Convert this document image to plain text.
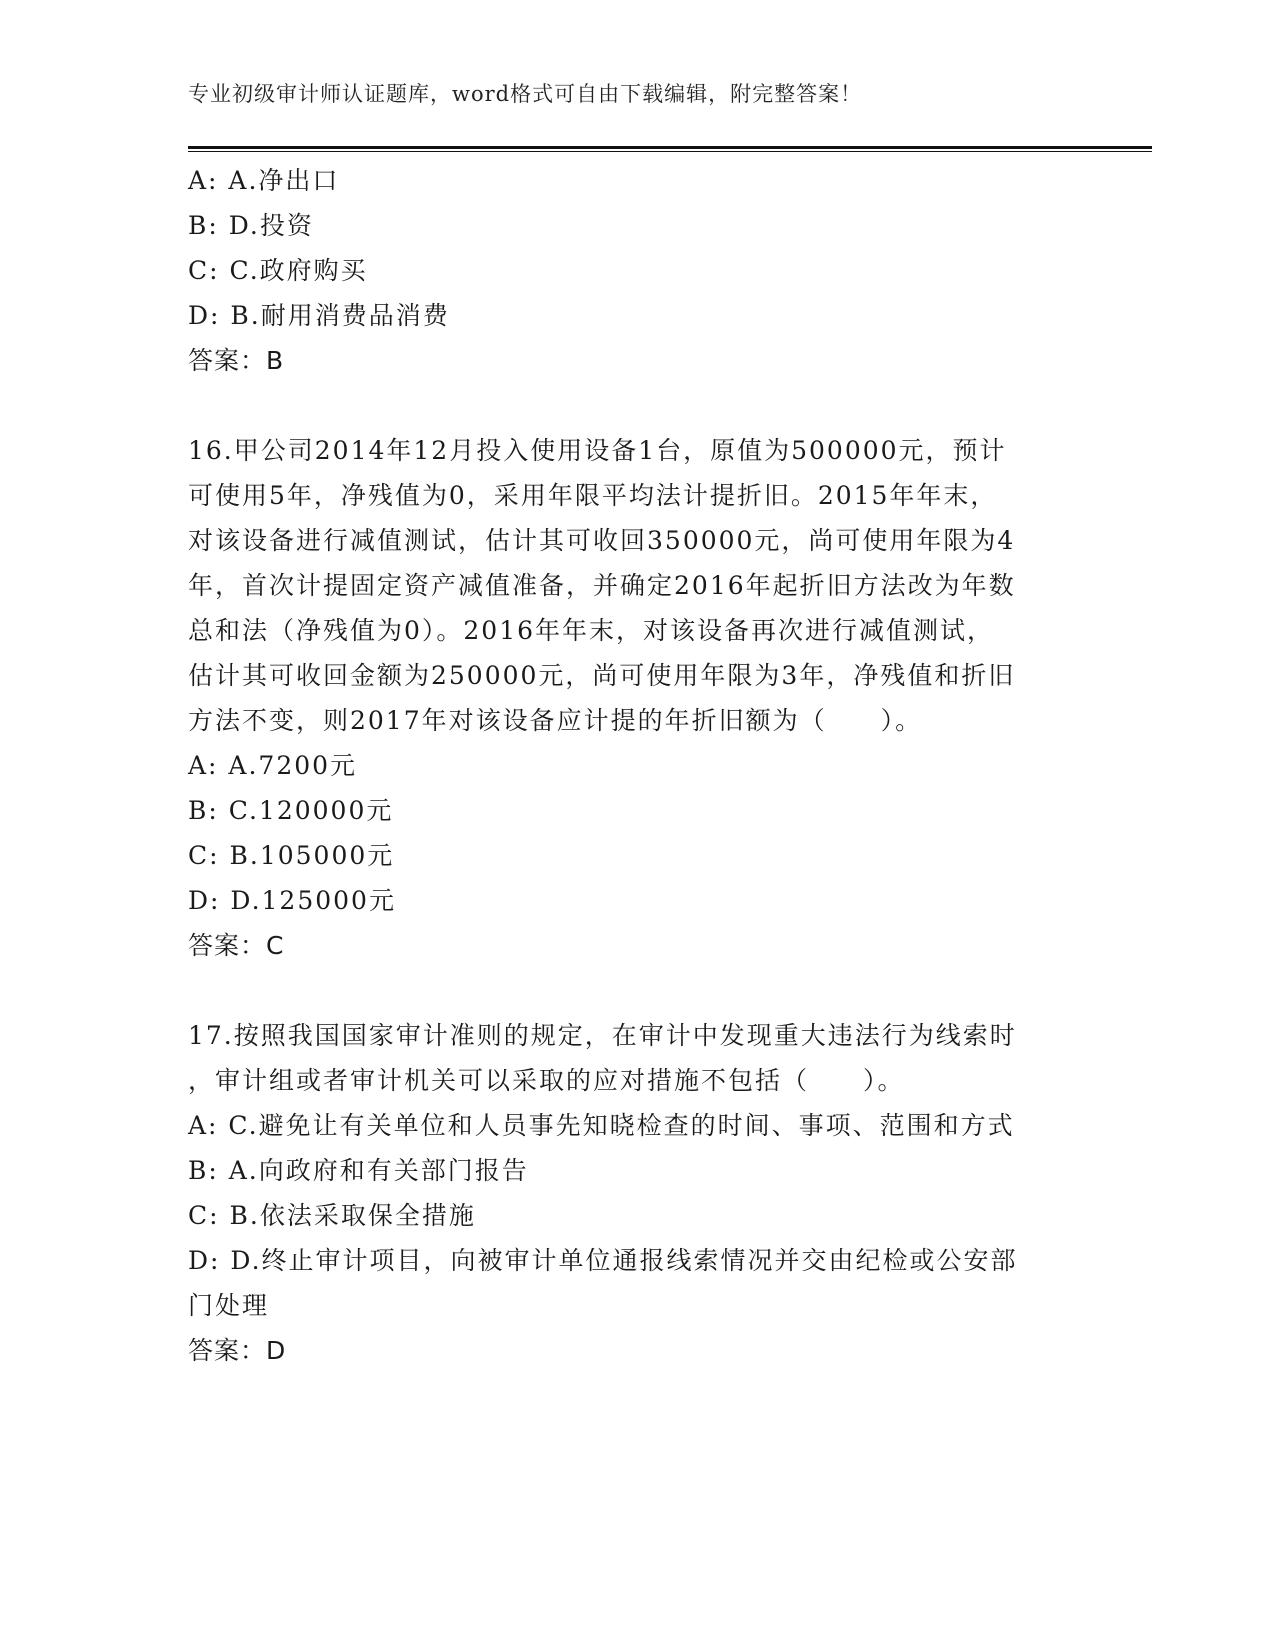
专业初级审计师认证题库，word格式可自由下载编辑，附完整答案！
A: A.净出口
B: D.投资
C: C.政府购买
D: B.耐用消费品消费
答案：B
16.甲公司2014年12月投入使用设备1台，原值为500000元，预计
可使用5年，净残值为0，采用年限平均法计提折旧。2015年年末，
对该设备进行减值测试，估计其可收回350000元，尚可使用年限为4
年，首次计提固定资产减值准备，并确定2016年起折旧方法改为年数
总和法（净残值为0）。2016年年末，对该设备再次进行减值测试，
估计其可收回金额为250000元，尚可使用年限为3年，净残值和折旧
方法不变，则2017年对该设备应计提的年折旧额为（　　）。
A: A.7200元
B: C.120000元
C: B.105000元
D: D.125000元
答案：C
17.按照我国国家审计准则的规定，在审计中发现重大违法行为线索时
，审计组或者审计机关可以采取的应对措施不包括（　　）。
A: C.避免让有关单位和人员事先知晓检查的时间、事项、范围和方式
B: A.向政府和有关部门报告
C: B.依法采取保全措施
D: D.终止审计项目，向被审计单位通报线索情况并交由纪检或公安部
门处理
答案：D
